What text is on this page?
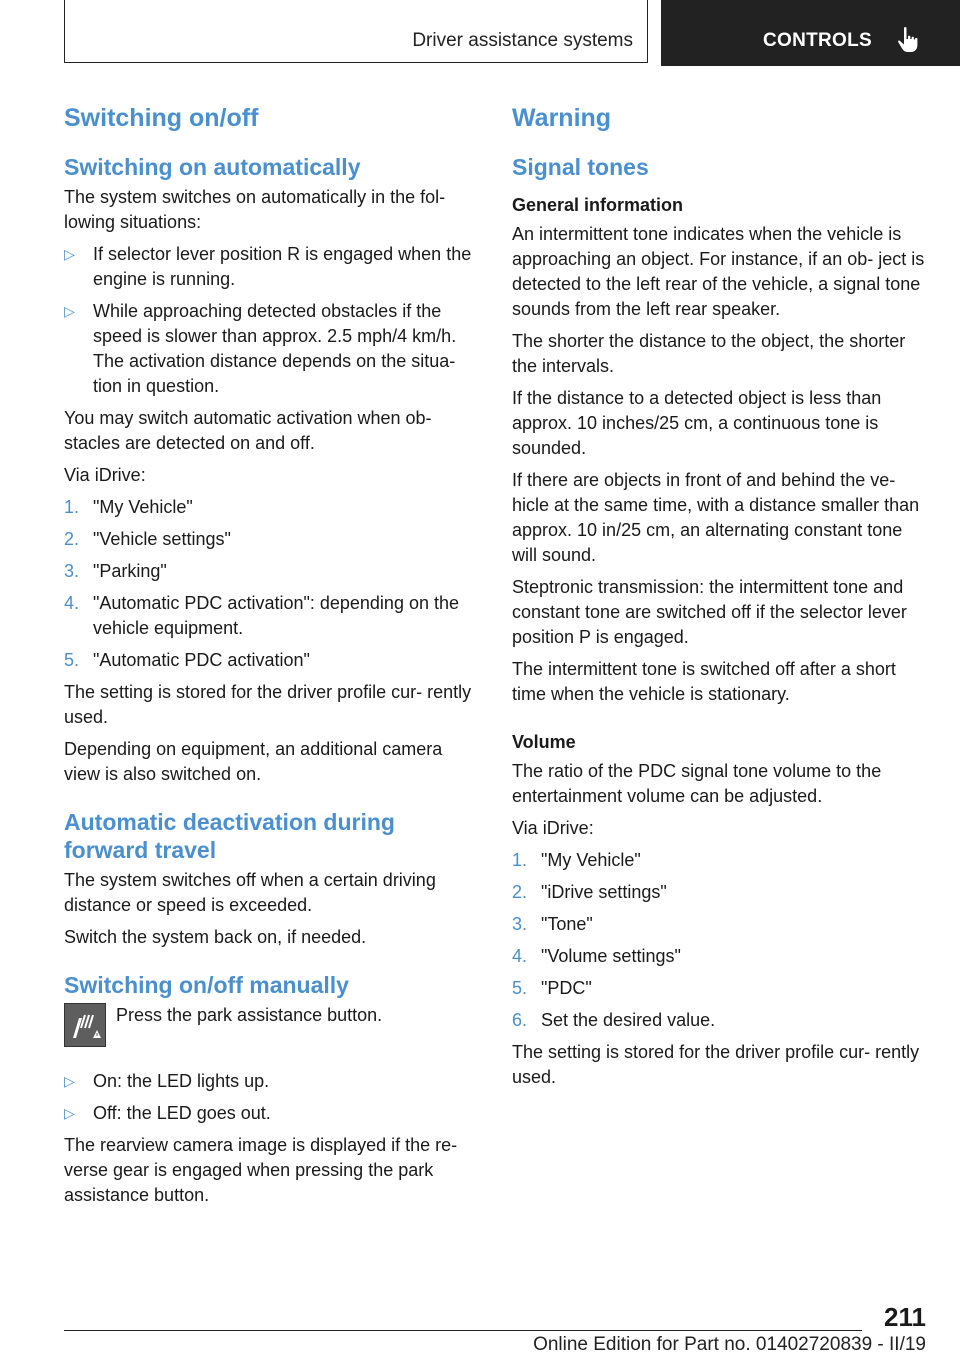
Driver assistance systems	CONTROLS
Switching on/off
Switching on automatically

The system switches on automatically in the fol‐ lowing situations:

▷ If selector lever position R is engaged when the engine is running.
▷ While approaching detected obstacles if the speed is slower than approx. 2.5 mph/4 km/h. The activation distance depends on the situa‐ tion in question.

You may switch automatic activation when ob‐ stacles are detected on and off.

Via iDrive:

1. "My Vehicle"
2. "Vehicle settings"
3. "Parking"
4. "Automatic PDC activation": depending on the vehicle equipment.
5. "Automatic PDC activation"

The setting is stored for the driver profile cur‐ rently used.

Depending on equipment, an additional camera view is also switched on.

Automatic deactivation during forward travel

The system switches off when a certain driving distance or speed is exceeded.

Switch the system back on, if needed.

Switching on/off manually

Press the park assistance button.

▷ On: the LED lights up.
▷ Off: the LED goes out.

The rearview camera image is displayed if the re‐ verse gear is engaged when pressing the park assistance button.

Warning
Signal tones
General information

An intermittent tone indicates when the vehicle is approaching an object. For instance, if an ob‐ ject is detected to the left rear of the vehicle, a signal tone sounds from the left rear speaker.

The shorter the distance to the object, the shorter the intervals.

If the distance to a detected object is less than approx. 10 inches/25 cm, a continuous tone is sounded.

If there are objects in front of and behind the ve‐ hicle at the same time, with a distance smaller than approx. 10 in/25 cm, an alternating constant tone will sound.

Steptronic transmission: the intermittent tone and constant tone are switched off if the selector lever position P is engaged.

The intermittent tone is switched off after a short time when the vehicle is stationary.

Volume

The ratio of the PDC signal tone volume to the entertainment volume can be adjusted.

Via iDrive:

1. "My Vehicle"
2. "iDrive settings"
3. "Tone"
4. "Volume settings"
5. "PDC"
6. Set the desired value.

The setting is stored for the driver profile cur‐ rently used.

211
Online Edition for Part no. 01402720839 - II/19
